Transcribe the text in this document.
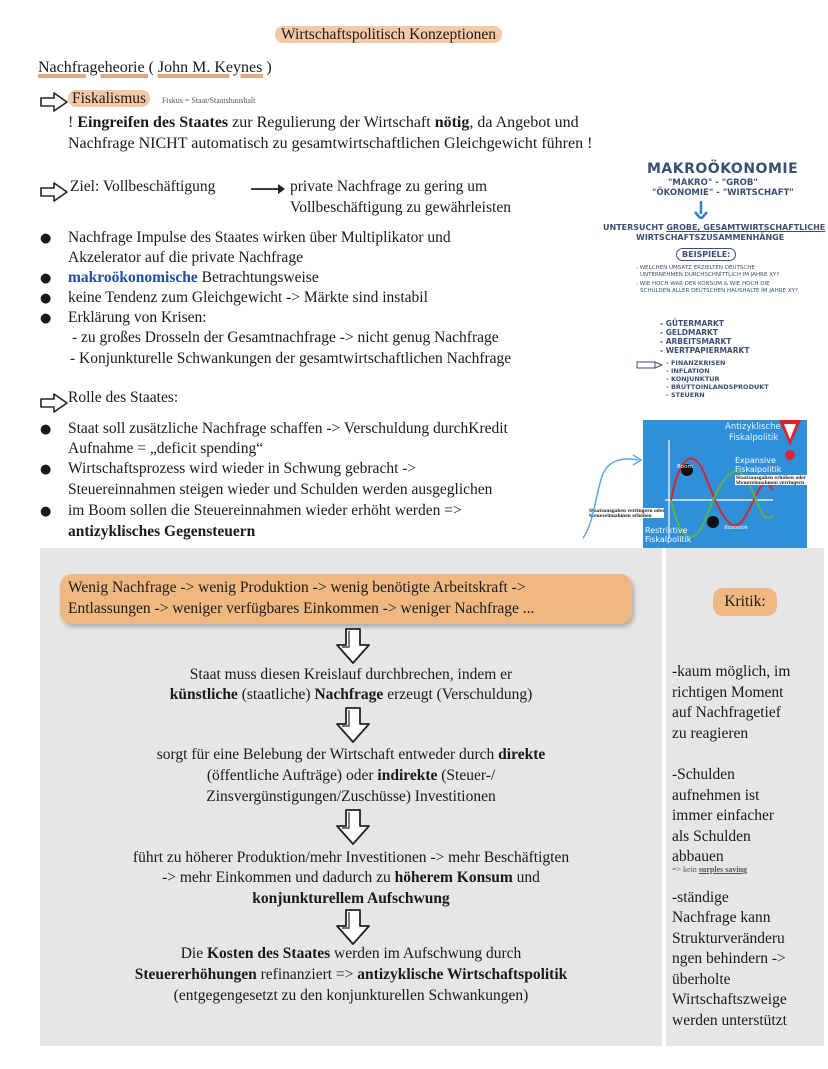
Wirtschaftspolitisch Konzeptionen
Nachfrageheorie ( John M. Keynes )
Fiskalismus Fiskus = Staat/Staatshaushalt
! Eingreifen des Staates zur Regulierung der Wirtschaft nötig, da Angebot und
Nachfrage NICHT automatisch zu gesamtwirtschaftlichen Gleichgewicht führen !
Ziel: Vollbeschäftigung	private Nachfrage zu gering um
Vollbeschäftigung zu gewährleisten
● Nachfrage Impulse des Staates wirken über Multiplikator und
Akzelerator auf die private Nachfrage
● makroökonomische Betrachtungsweise
● keine Tendenz zum Gleichgewicht -> Märkte sind instabil
● Erklärung von Krisen:
- zu großes Drosseln der Gesamtnachfrage -> nicht genug Nachfrage
- Konjunkturelle Schwankungen der gesamtwirtschaftlichen Nachfrage
Rolle des Staates:
● Staat soll zusätzliche Nachfrage schaffen -> Verschuldung durchKredit
Aufnahme = „deficit spending“
● Wirtschaftsprozess wird wieder in Schwung gebracht ->
Steuereinnahmen steigen wieder und Schulden werden ausgeglichen
● im Boom sollen die Steuereinnahmen wieder erhöht werden =>
antizyklisches Gegensteuern
MAKROÖKONOMIE
"MAKRO" - "GROB"
"ÖKONOMIE" - "WIRTSCHAFT"
UNTERSUCHT GROBE, GESAMTWIRTSCHAFTLICHE
WIRTSCHAFTSZUSAMMENHÄNGE
BEISPIELE:
- WELCHEN UMSATZ ERZIELTEN DEUTSCHE
UNTERNEHMEN DURCHSCHNITTLICH IM JAHRE XY?
- WIE HOCH WAR DER KONSUM & WIE HOCH DIE
SCHULDEN ALLER DEUTSCHEN HAUSHALTE IM JAHRE XY?
- GÜTERMARKT
- GELDMARKT
- ARBEITSMARKT
- WERTPAPIERMARKT
- FINANZKRISEN
- INFLATION
- KONJUNKTUR
- BRUTTOINLANDSPRODUKT
- STEUERN
Antizyklische
Fiskalpolitik
Boom
Expansive
Fiskalpolitik
Staatsausgaben erhöhen oder
Steuereinnahmen verringern
Restriktive
Fiskalpolitik
Rezession
Staatsausgaben verringern oder
Steuereinnahmen erhöhen
Wenig Nachfrage -> wenig Produktion -> wenig benötigte Arbeitskraft ->
Entlassungen -> weniger verfügbares Einkommen -> weniger Nachfrage ...	Kritik:
Staat muss diesen Kreislauf durchbrechen, indem er
künstliche (staatliche) Nachfrage erzeugt (Verschuldung)
sorgt für eine Belebung der Wirtschaft entweder durch direkte
(öffentliche Aufträge) oder indirekte (Steuer-/
Zinsvergünstigungen/Zuschüsse) Investitionen
führt zu höherer Produktion/mehr Investitionen -> mehr Beschäftigten
-> mehr Einkommen und dadurch zu höherem Konsum und
konjunkturellem Aufschwung
Die Kosten des Staates werden im Aufschwung durch
Steuererhöhungen refinanziert => antizyklische Wirtschaftspolitik
(entgegengesetzt zu den konjunkturellen Schwankungen)
-kaum möglich, im
richtigen Moment
auf Nachfragetief
zu reagieren
-Schulden
aufnehmen ist
immer einfacher
als Schulden
abbauen
=> kein surples saving
-ständige
Nachfrage kann
Strukturveränderu
ngen behindern ->
überholte
Wirtschaftszweige
werden unterstützt
